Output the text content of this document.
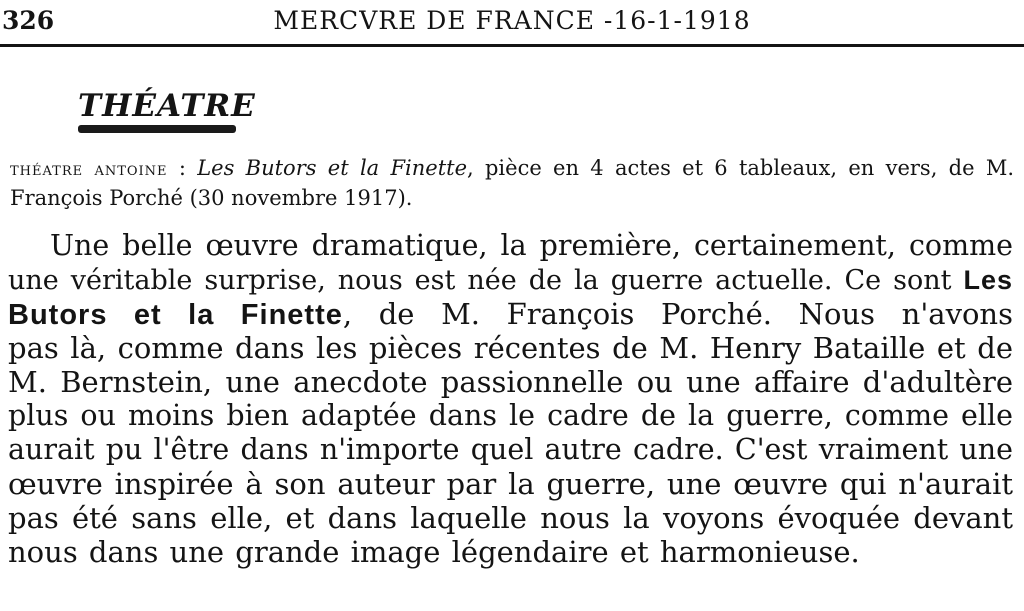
326	MERCVRE DE FRANCE -16-1-1918
THÉATRE
théatre antoine : Les Butors et la Finette, pièce en 4 actes et 6 tableaux, en vers, de M. François Porché (30 novembre 1917).
Une belle œuvre dramatique, la première, certainement, comme
une véritable surprise, nous est née de la guerre actuelle. Ce sont Les
Butors et la Finette, de M. François Porché. Nous n'avons
pas là, comme dans les pièces récentes de M. Henry Bataille et de
M. Bernstein, une anecdote passionnelle ou une affaire d'adultère
plus ou moins bien adaptée dans le cadre de la guerre, comme elle
aurait pu l'être dans n'importe quel autre cadre. C'est vraiment une
œuvre inspirée à son auteur par la guerre, une œuvre qui n'aurait
pas été sans elle, et dans laquelle nous la voyons évoquée devant
nous dans une grande image légendaire et harmonieuse.
